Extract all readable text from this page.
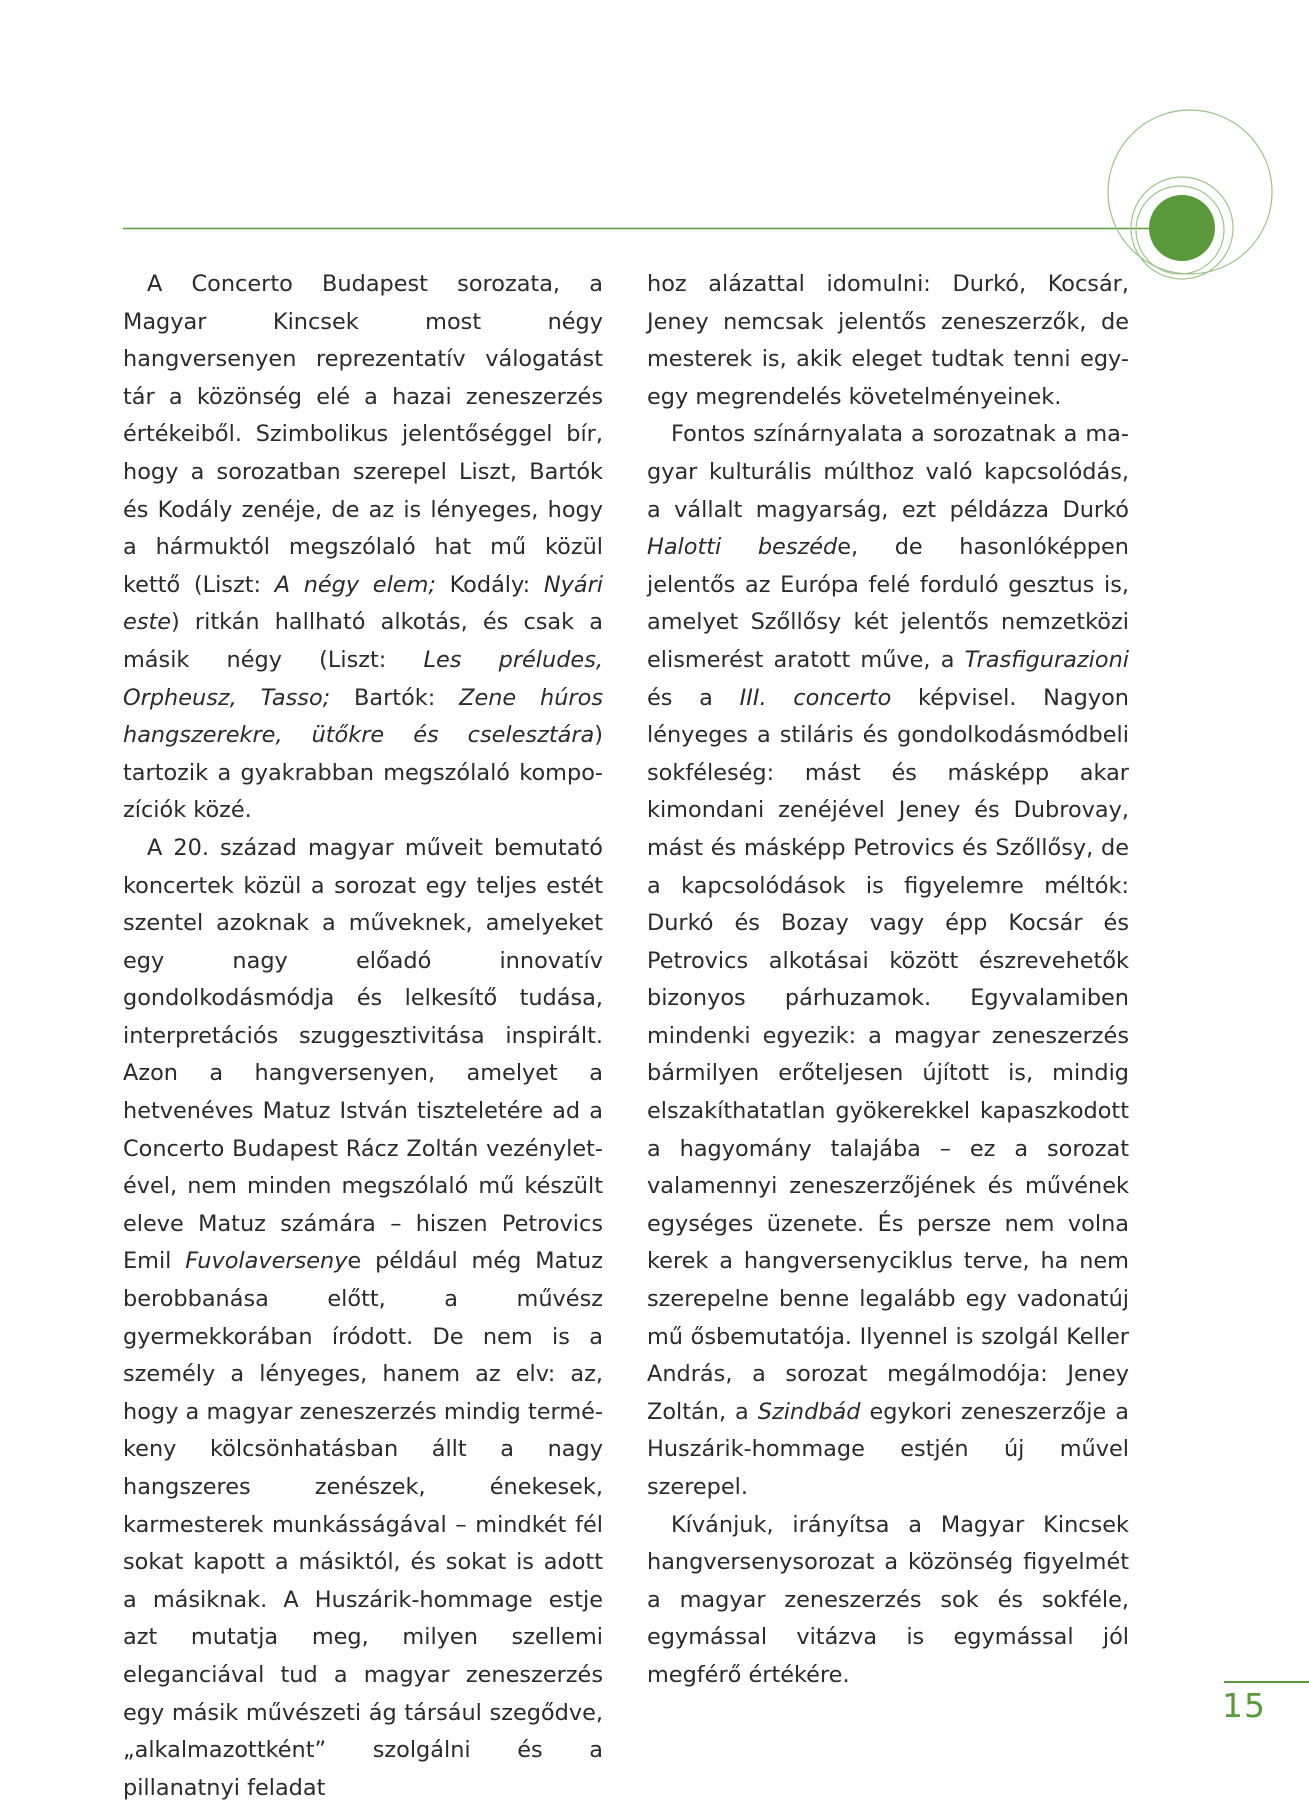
A Concerto Budapest sorozata, a Magyar Kincsek most négy hangversenyen reprezentatív válogatást tár a közönség elé a hazai zeneszerzés értékeiből. Szimbolikus jelentőséggel bír, hogy a sorozatban szerepel Liszt, Bartók és Kodály zenéje, de az is lényeges, hogy a hármuktól megszólaló hat mű közül kettő (Liszt: A négy elem; Kodály: Nyári este) ritkán hallható alkotás, és csak a másik négy (Liszt: Les préludes, Orpheusz, Tasso; Bartók: Zene húros hangszerekre, ütőkre és cselesztára) tartozik a gyakrabban megszólaló kompozíciók közé.

A 20. század magyar műveit bemutató koncertek közül a sorozat egy teljes estét szentel azoknak a műveknek, amelyeket egy nagy előadó innovatív gondolkodásmódja és lelkesítő tudása, interpretációs szuggesztivitása inspirált. Azon a hangversenyen, amelyet a hetvenéves Matuz István tiszteletére ad a Concerto Budapest Rácz Zoltán vezényletével, nem minden megszólaló mű készült eleve Matuz számára – hiszen Petrovics Emil Fuvolaversenye például még Matuz berobbanása előtt, a művész gyermekkorában íródott. De nem is a személy a lényeges, hanem az elv: az, hogy a magyar zeneszerzés mindig termékeny kölcsönhatásban állt a nagy hangszeres zenészek, énekesek, karmesterek munkásságával – mindkét fél sokat kapott a másiktól, és sokat is adott a másiknak. A Huszárik-hommage estje azt mutatja meg, milyen szellemi eleganciával tud a magyar zeneszerzés egy másik művészeti ág társául szegődve, „alkalmazottként” szolgálni és a pillanatnyi feladat

hoz alázattal idomulni: Durkó, Kocsár, Jeney nemcsak jelentős zeneszerzők, de mesterek is, akik eleget tudtak tenni egy-egy megrendelés követelményeinek.

Fontos színárnyalata a sorozatnak a magyar kulturális múlthoz való kapcsolódás, a vállalt magyarság, ezt példázza Durkó Halotti beszéde, de hasonlóképpen jelentős az Európa felé forduló gesztus is, amelyet Szőllősy két jelentős nemzetközi elismerést aratott műve, a Trasfigurazioni és a III. concerto képvisel. Nagyon lényeges a stiláris és gondolkodásmódbeli sokféleség: mást és másképp akar kimondani zenéjével Jeney és Dubrovay, mást és másképp Petrovics és Szőllősy, de a kapcsolódások is figyelemre méltók: Durkó és Bozay vagy épp Kocsár és Petrovics alkotásai között észrevehetők bizonyos párhuzamok. Egyvalamiben mindenki egyezik: a magyar zeneszerzés bármilyen erőteljesen újított is, mindig elszakíthatatlan gyökerekkel kapaszkodott a hagyomány talajába – ez a sorozat valamennyi zeneszerzőjének és művének egységes üzenete. És persze nem volna kerek a hangversenyciklus terve, ha nem szerepelne benne legalább egy vadonatúj mű ősbemutatója. Ilyennel is szolgál Keller András, a sorozat megálmodója: Jeney Zoltán, a Szindbád egykori zeneszerzője a Huszárik-hommage estjén új művel szerepel.

Kívánjuk, irányítsa a Magyar Kincsek hangversenysorozat a közönség figyelmét a magyar zeneszerzés sok és sokféle, egymással vitázva is egymással jól megférő értékére.

15
